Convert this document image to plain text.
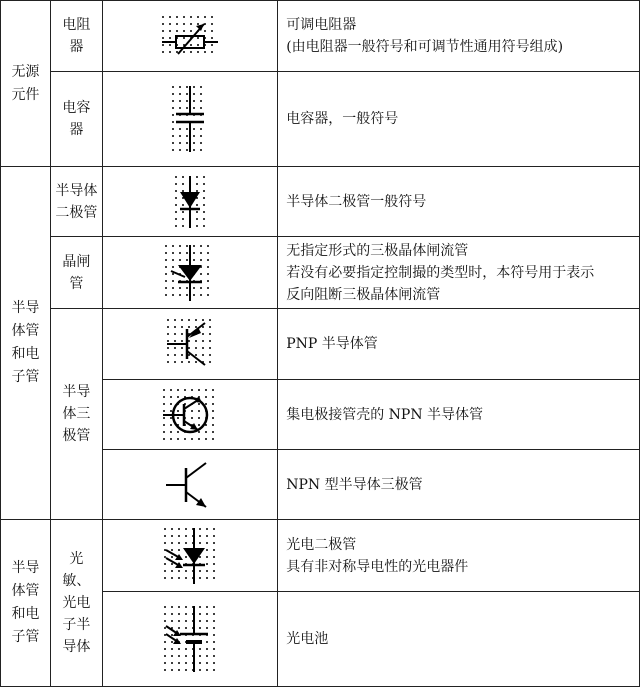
无源元件	电阻器		可调电阻器
(由电阻器一般符号和可调节性通用符号组成)

	电容器		电容器，一般符号

半导体管和电子管	半导体二极管		半导体二极管一般符号

	晶闸管		无指定形式的三极晶体闸流管
若没有必要指定控制撮的类型时，本符号用于表示
反向阻断三极晶体闸流管

	半导体三极管		PNP 半导体管

集电极接管壳的 NPN 半导体管

NPN 型半导体三极管

半导体管和电子管	光敏、光电子半导体		光电二极管
具有非对称导电性的光电器件

光电池
